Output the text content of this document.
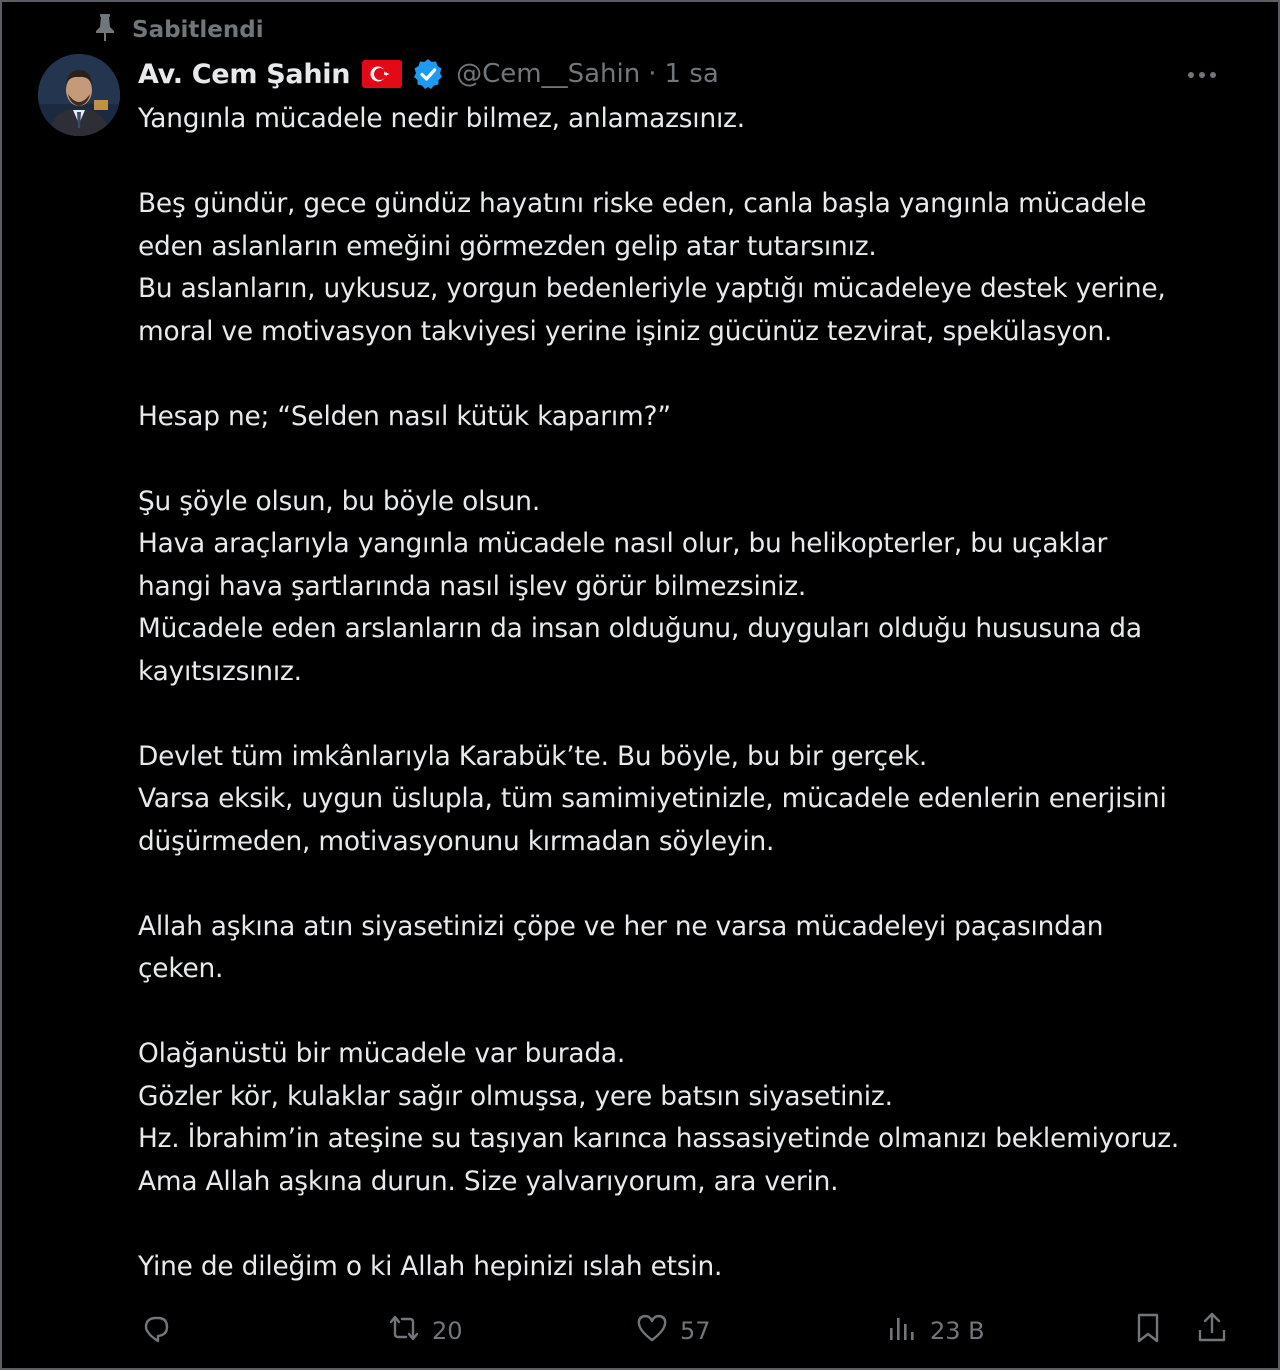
Sabitlendi
Av. Cem Şahin	@Cem__Sahin · 1 sa

Yangınla mücadele nedir bilmez, anlamazsınız.

Beş gündür, gece gündüz hayatını riske eden, canla başla yangınla mücadele

eden aslanların emeğini görmezden gelip atar tutarsınız.

Bu aslanların, uykusuz, yorgun bedenleriyle yaptığı mücadeleye destek yerine,

moral ve motivasyon takviyesi yerine işiniz gücünüz tezvirat, spekülasyon.

Hesap ne; “Selden nasıl kütük kaparım?”

Şu şöyle olsun, bu böyle olsun.

Hava araçlarıyla yangınla mücadele nasıl olur, bu helikopterler, bu uçaklar

hangi hava şartlarında nasıl işlev görür bilmezsiniz.

Mücadele eden arslanların da insan olduğunu, duyguları olduğu hususuna da

kayıtsızsınız.

Devlet tüm imkânlarıyla Karabük’te. Bu böyle, bu bir gerçek.

Varsa eksik, uygun üslupla, tüm samimiyetinizle, mücadele edenlerin enerjisini

düşürmeden, motivasyonunu kırmadan söyleyin.

Allah aşkına atın siyasetinizi çöpe ve her ne varsa mücadeleyi paçasından

çeken.

Olağanüstü bir mücadele var burada.

Gözler kör, kulaklar sağır olmuşsa, yere batsın siyasetiniz.

Hz. İbrahim’in ateşine su taşıyan karınca hassasiyetinde olmanızı beklemiyoruz.

Ama Allah aşkına durun. Size yalvarıyorum, ara verin.

Yine de dileğim o ki Allah hepinizi ıslah etsin.

20	57	23 B
